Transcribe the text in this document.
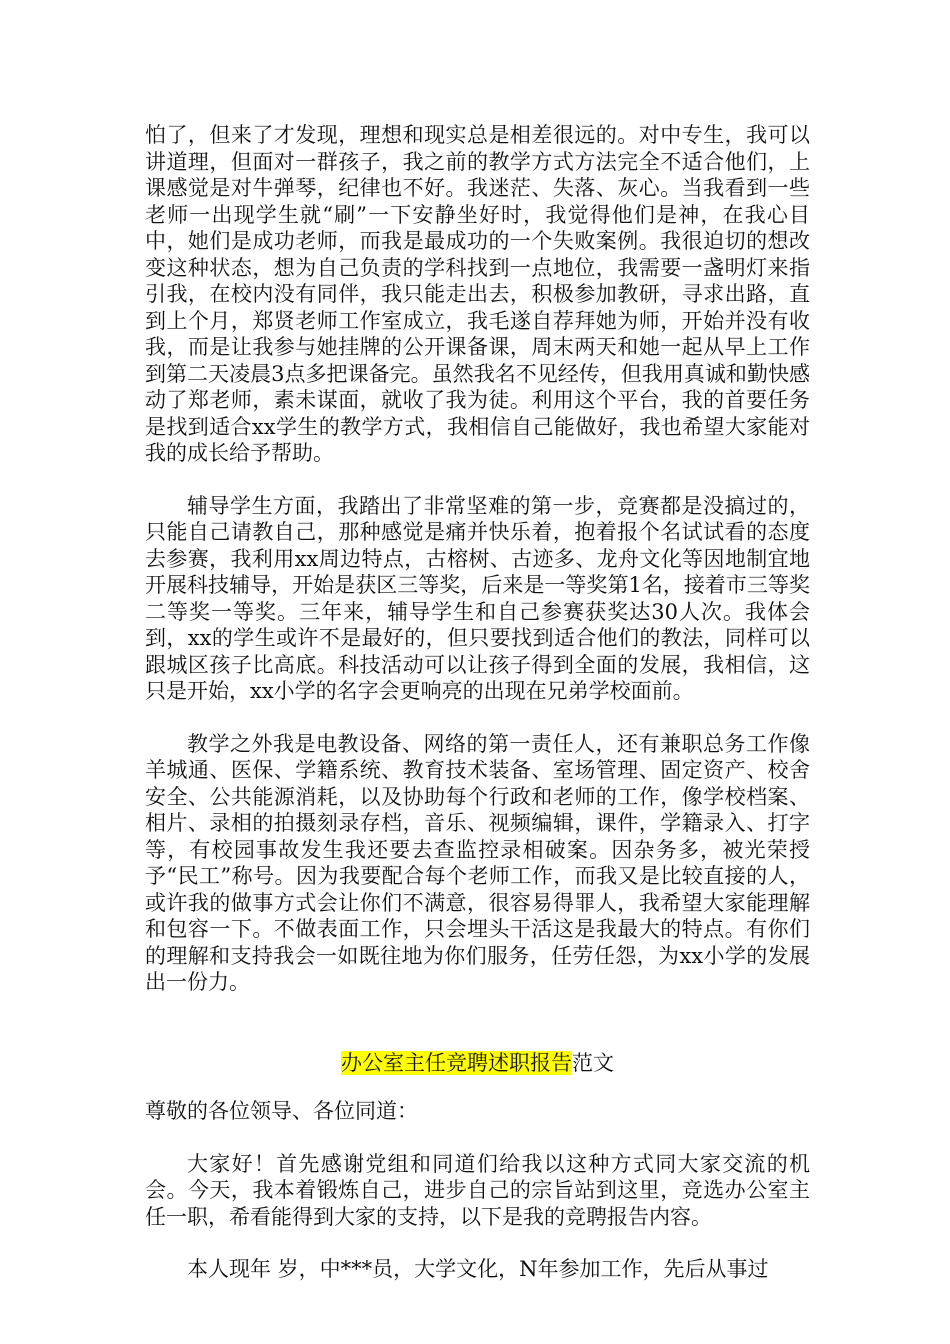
怕了，但来了才发现，理想和现实总是相差很远的。对中专生，我可以讲道理，但面对一群孩子，我之前的教学方式方法完全不适合他们，上课感觉是对牛弹琴，纪律也不好。我迷茫、失落、灰心。当我看到一些老师一出现学生就“刷”一下安静坐好时，我觉得他们是神，在我心目中，她们是成功老师，而我是最成功的一个失败案例。我很迫切的想改变这种状态，想为自己负责的学科找到一点地位，我需要一盏明灯来指引我，在校内没有同伴，我只能走出去，积极参加教研，寻求出路，直到上个月，郑贤老师工作室成立，我毛遂自荐拜她为师，开始并没有收我，而是让我参与她挂牌的公开课备课，周末两天和她一起从早上工作到第二天凌晨3点多把课备完。虽然我名不见经传，但我用真诚和勤快感动了郑老师，素未谋面，就收了我为徒。利用这个平台，我的首要任务是找到适合xx学生的教学方式，我相信自己能做好，我也希望大家能对我的成长给予帮助。

辅导学生方面，我踏出了非常坚难的第一步，竞赛都是没搞过的，只能自己请教自己，那种感觉是痛并快乐着，抱着报个名试试看的态度去参赛，我利用xx周边特点，古榕树、古迹多、龙舟文化等因地制宜地开展科技辅导，开始是获区三等奖，后来是一等奖第1名，接着市三等奖二等奖一等奖。三年来，辅导学生和自己参赛获奖达30人次。我体会到，xx的学生或许不是最好的，但只要找到适合他们的教法，同样可以跟城区孩子比高底。科技活动可以让孩子得到全面的发展，我相信，这只是开始，xx小学的名字会更响亮的出现在兄弟学校面前。

教学之外我是电教设备、网络的第一责任人，还有兼职总务工作像羊城通、医保、学籍系统、教育技术装备、室场管理、固定资产、校舍安全、公共能源消耗，以及协助每个行政和老师的工作，像学校档案、相片、录相的拍摄刻录存档，音乐、视频编辑，课件，学籍录入、打字等，有校园事故发生我还要去查监控录相破案。因杂务多，被光荣授予“民工”称号。因为我要配合每个老师工作，而我又是比较直接的人，或许我的做事方式会让你们不满意，很容易得罪人，我希望大家能理解和包容一下。不做表面工作，只会埋头干活这是我最大的特点。有你们的理解和支持我会一如既往地为你们服务，任劳任怨，为xx小学的发展出一份力。

办公室主任竞聘述职报告范文

尊敬的各位领导、各位同道：

大家好！首先感谢党组和同道们给我以这种方式同大家交流的机会。今天，我本着锻炼自己，进步自己的宗旨站到这里，竞选办公室主任一职，希看能得到大家的支持，以下是我的竞聘报告内容。

本人现年 岁，中***员，大学文化，N年参加工作，先后从事过
